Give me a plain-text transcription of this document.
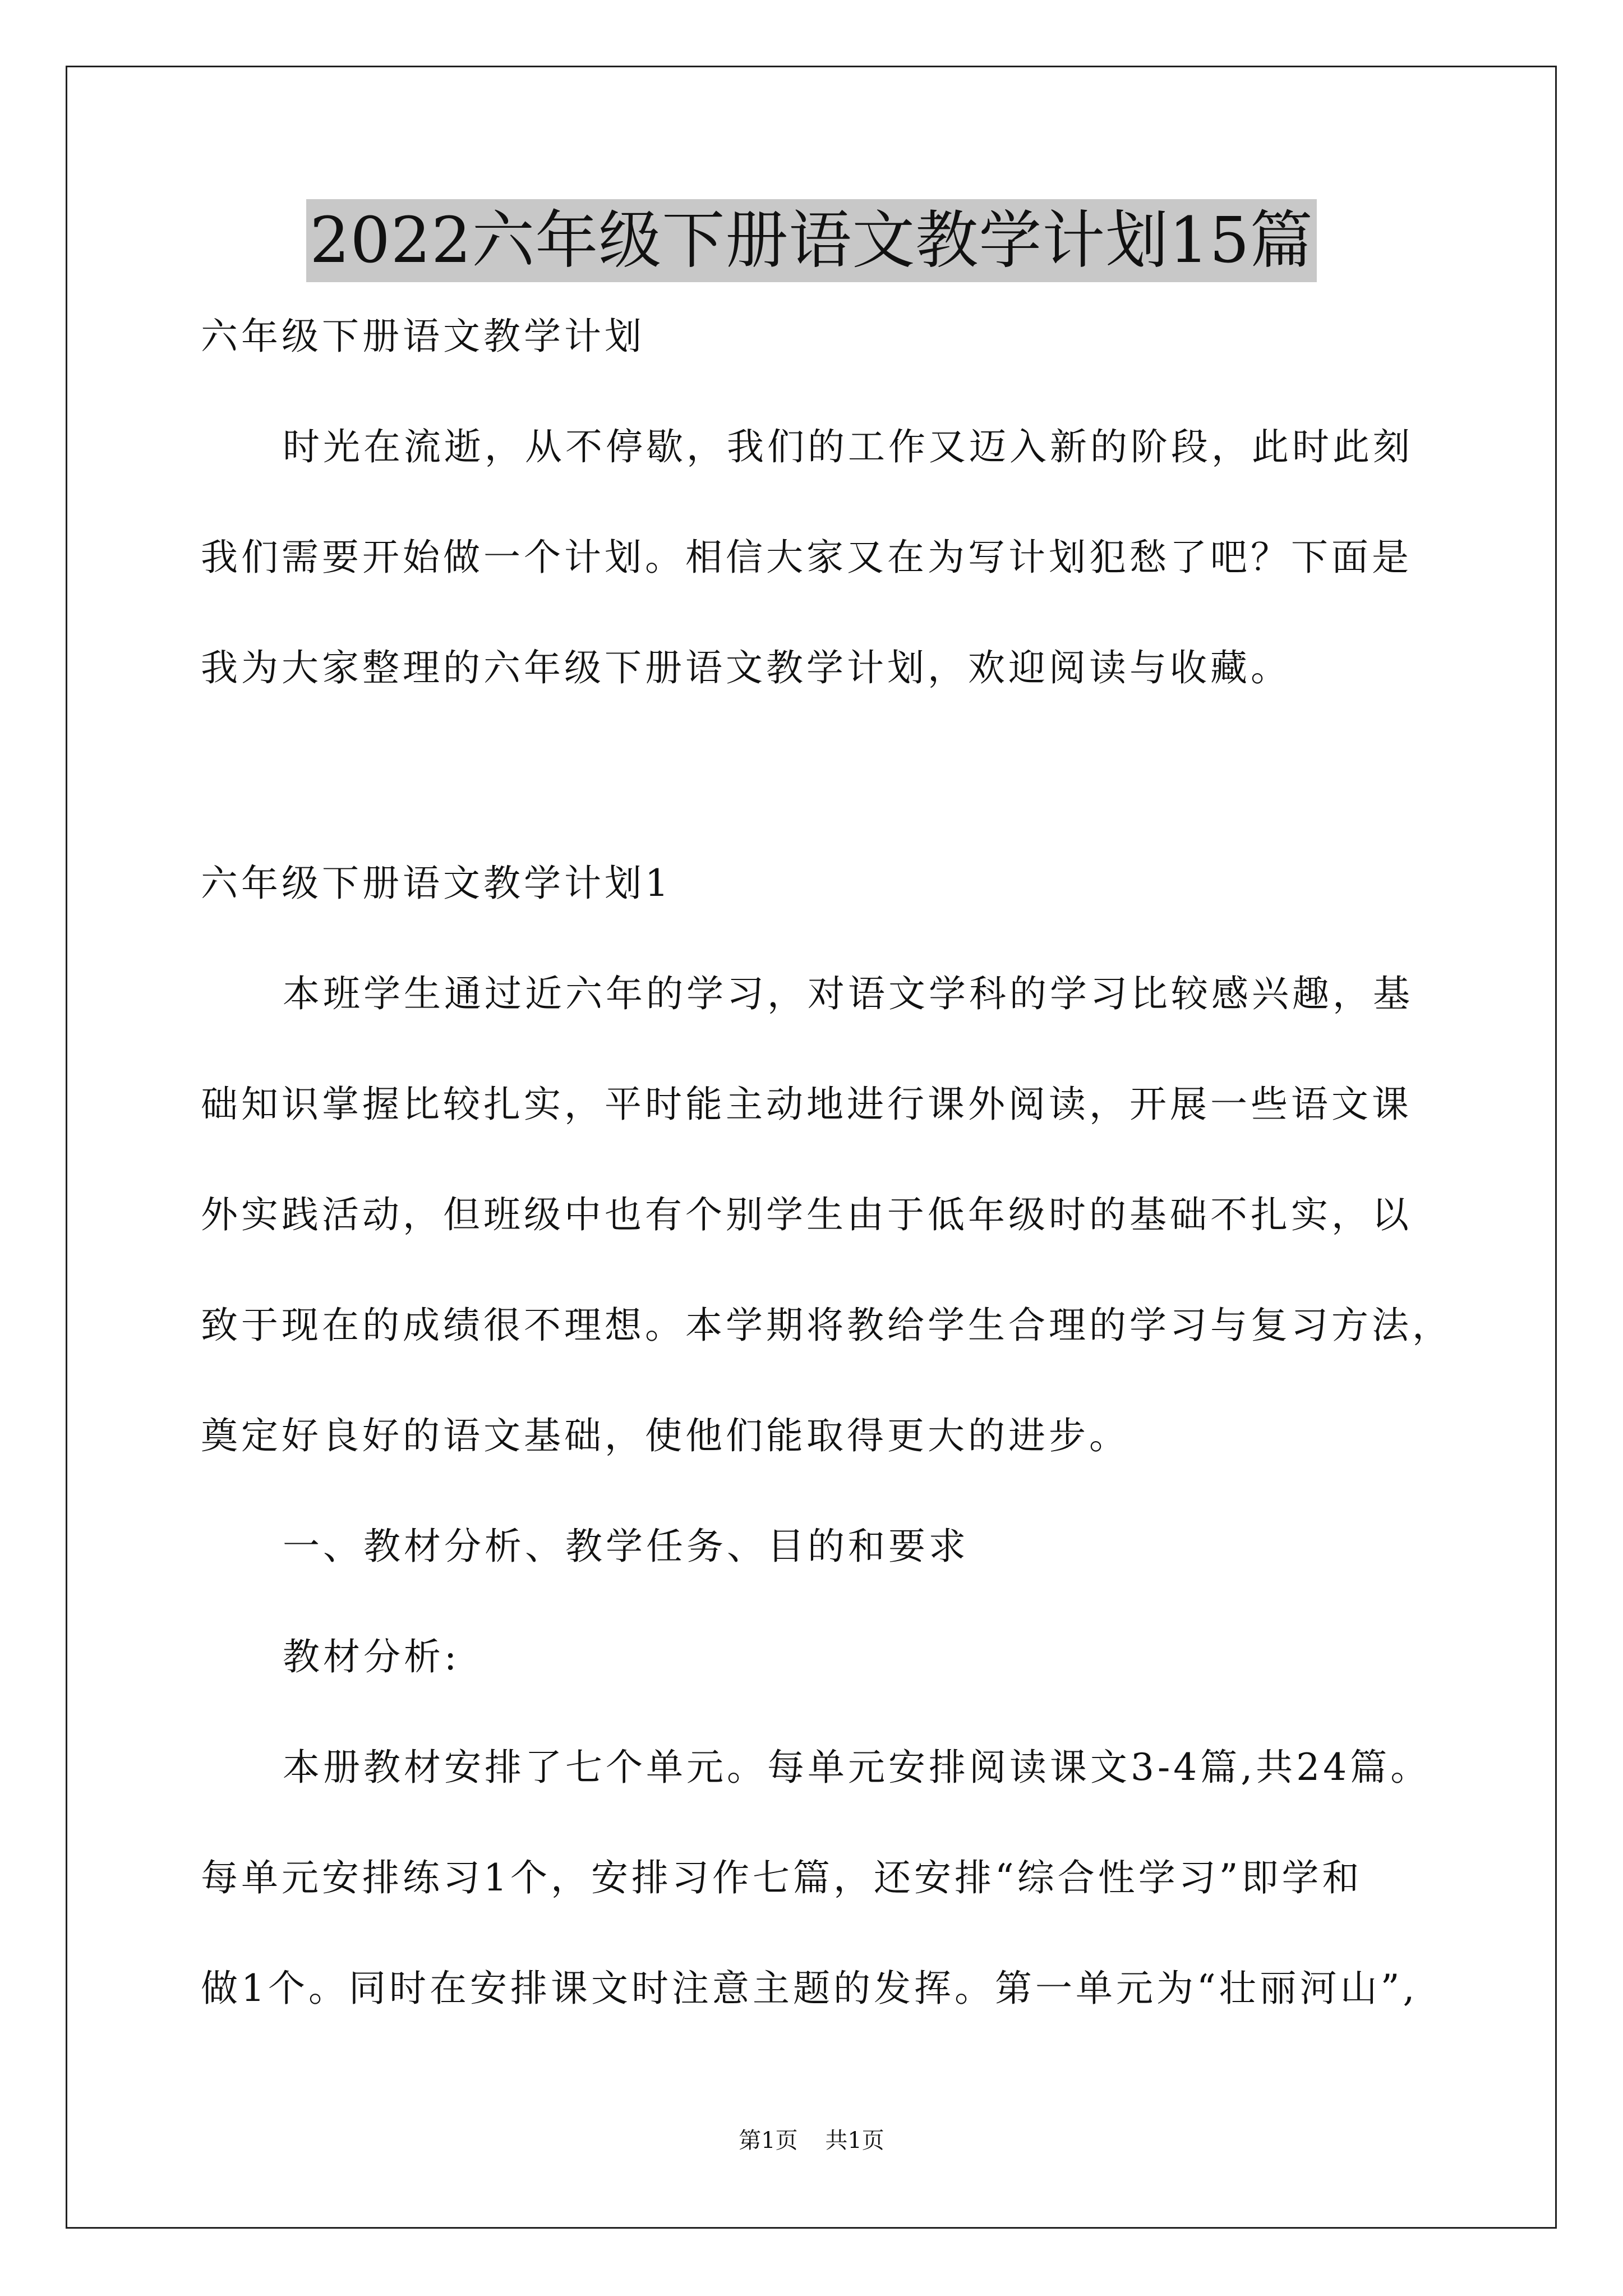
2022六年级下册语文教学计划15篇

六年级下册语文教学计划

时光在流逝，从不停歇，我们的工作又迈入新的阶段，此时此刻

我们需要开始做一个计划。相信大家又在为写计划犯愁了吧？下面是

我为大家整理的六年级下册语文教学计划，欢迎阅读与收藏。

六年级下册语文教学计划1

本班学生通过近六年的学习，对语文学科的学习比较感兴趣，基

础知识掌握比较扎实，平时能主动地进行课外阅读，开展一些语文课

外实践活动，但班级中也有个别学生由于低年级时的基础不扎实，以

致于现在的成绩很不理想。本学期将教给学生合理的学习与复习方法，

奠定好良好的语文基础，使他们能取得更大的进步。

一、教材分析、教学任务、目的和要求

教材分析:

本册教材安排了七个单元。每单元安排阅读课文3-4篇,共24篇。

每单元安排练习1个，安排习作七篇，还安排“综合性学习”即学和

做1个。同时在安排课文时注意主题的发挥。第一单元为“壮丽河山”,

第1页 共1页
